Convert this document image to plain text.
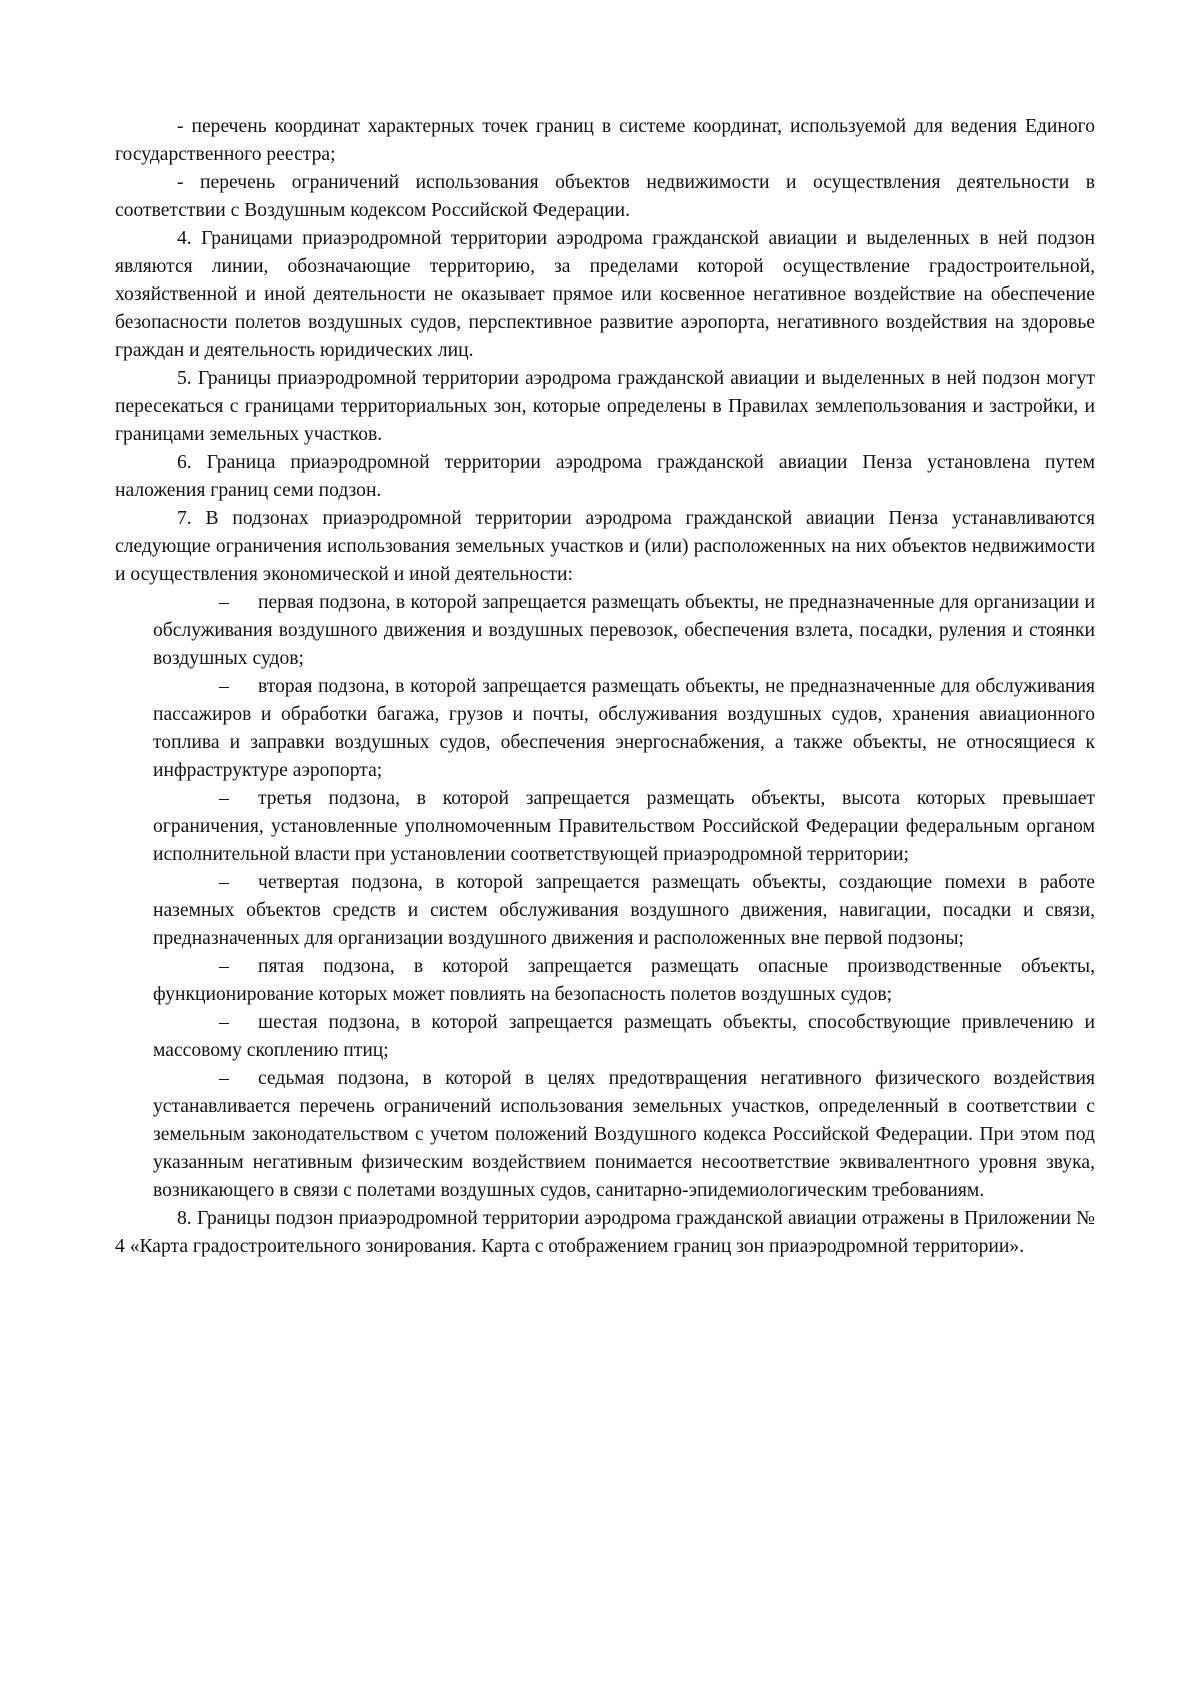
- перечень координат характерных точек границ в системе координат, используемой для ведения Единого государственного реестра;

- перечень ограничений использования объектов недвижимости и осуществления деятельности в соответствии с Воздушным кодексом Российской Федерации.

4. Границами приаэродромной территории аэродрома гражданской авиации и выделенных в ней подзон являются линии, обозначающие территорию, за пределами которой осуществление градостроительной, хозяйственной и иной деятельности не оказывает прямое или косвенное негативное воздействие на обеспечение безопасности полетов воздушных судов, перспективное развитие аэропорта, негативного воздействия на здоровье граждан и деятельность юридических лиц.

5. Границы приаэродромной территории аэродрома гражданской авиации и выделенных в ней подзон могут пересекаться с границами территориальных зон, которые определены в Правилах землепользования и застройки, и границами земельных участков.

6. Граница приаэродромной территории аэродрома гражданской авиации Пенза установлена путем наложения границ семи подзон.

7. В подзонах приаэродромной территории аэродрома гражданской авиации Пенза устанавливаются следующие ограничения использования земельных участков и (или) расположенных на них объектов недвижимости и осуществления экономической и иной деятельности:

– первая подзона, в которой запрещается размещать объекты, не предназначенные для организации и обслуживания воздушного движения и воздушных перевозок, обеспечения взлета, посадки, руления и стоянки воздушных судов;

– вторая подзона, в которой запрещается размещать объекты, не предназначенные для обслуживания пассажиров и обработки багажа, грузов и почты, обслуживания воздушных судов, хранения авиационного топлива и заправки воздушных судов, обеспечения энергоснабжения, а также объекты, не относящиеся к инфраструктуре аэропорта;

– третья подзона, в которой запрещается размещать объекты, высота которых превышает ограничения, установленные уполномоченным Правительством Российской Федерации федеральным органом исполнительной власти при установлении соответствующей приаэродромной территории;

– четвертая подзона, в которой запрещается размещать объекты, создающие помехи в работе наземных объектов средств и систем обслуживания воздушного движения, навигации, посадки и связи, предназначенных для организации воздушного движения и расположенных вне первой подзоны;

– пятая подзона, в которой запрещается размещать опасные производственные объекты, функционирование которых может повлиять на безопасность полетов воздушных судов;

– шестая подзона, в которой запрещается размещать объекты, способствующие привлечению и массовому скоплению птиц;

– седьмая подзона, в которой в целях предотвращения негативного физического воздействия устанавливается перечень ограничений использования земельных участков, определенный в соответствии с земельным законодательством с учетом положений Воздушного кодекса Российской Федерации. При этом под указанным негативным физическим воздействием понимается несоответствие эквивалентного уровня звука, возникающего в связи с полетами воздушных судов, санитарно-эпидемиологическим требованиям.

8. Границы подзон приаэродромной территории аэродрома гражданской авиации отражены в Приложении № 4 «Карта градостроительного зонирования. Карта с отображением границ зон приаэродромной территории».
